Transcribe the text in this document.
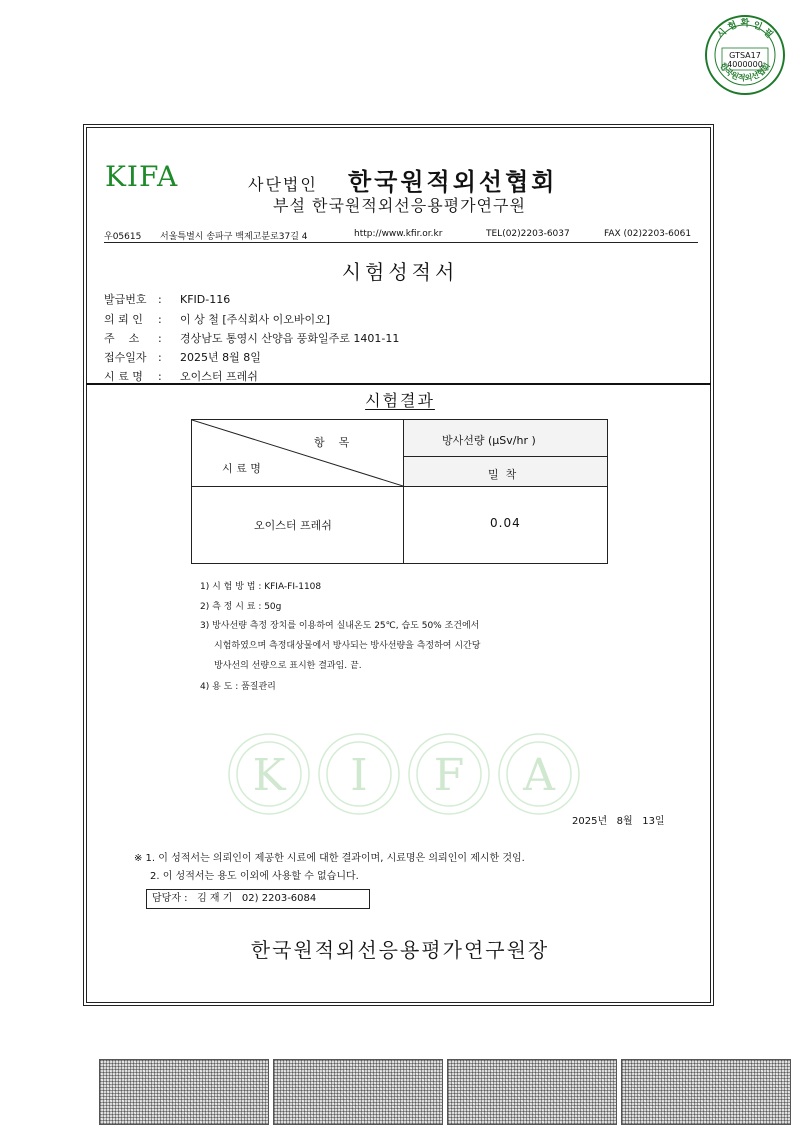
시 험 확 인 필
GTSA17
4000000
한국원적외선협회
KIFA	사단법인 한국원적외선협회
부설 한국원적외선응용평가연구원
우05615 서울특별시 송파구 백제고분로37길 4	http://www.kfir.or.kr	TEL(02)2203-6037	FAX (02)2203-6061
시험성적서
발급번호 : KFID-116
의 뢰 인 : 이 상 철 [주식회사 이오바이오]
주    소 : 경상남도 통영시 산양읍 풍화일주로 1401-11
접수일자 : 2025년 8월 8일
시 료 명 : 오이스터 프레쉬
시험결과
항    목
시 료 명
방사선량 (μSv/hr )
밀  착
오이스터 프레쉬	0.04
1) 시 험 방 법 : KFIA-FI-1108
2) 측 정 시 료 : 50g
3) 방사선량 측정 장치를 이용하여 실내온도 25℃, 습도 50% 조건에서
시험하였으며 측정대상물에서 방사되는 방사선량을 측정하여 시간당
방사선의 선량으로 표시한 결과임. 끝.
4) 용 도 : 품질관리
K I F A
2025년   8월   13일
※ 1. 이 성적서는 의뢰인이 제공한 시료에 대한 결과이며, 시료명은 의뢰인이 제시한 것임.
2. 이 성적서는 용도 이외에 사용할 수 없습니다.
담당자 :   김 재 기   02) 2203-6084
한국원적외선응용평가연구원장
